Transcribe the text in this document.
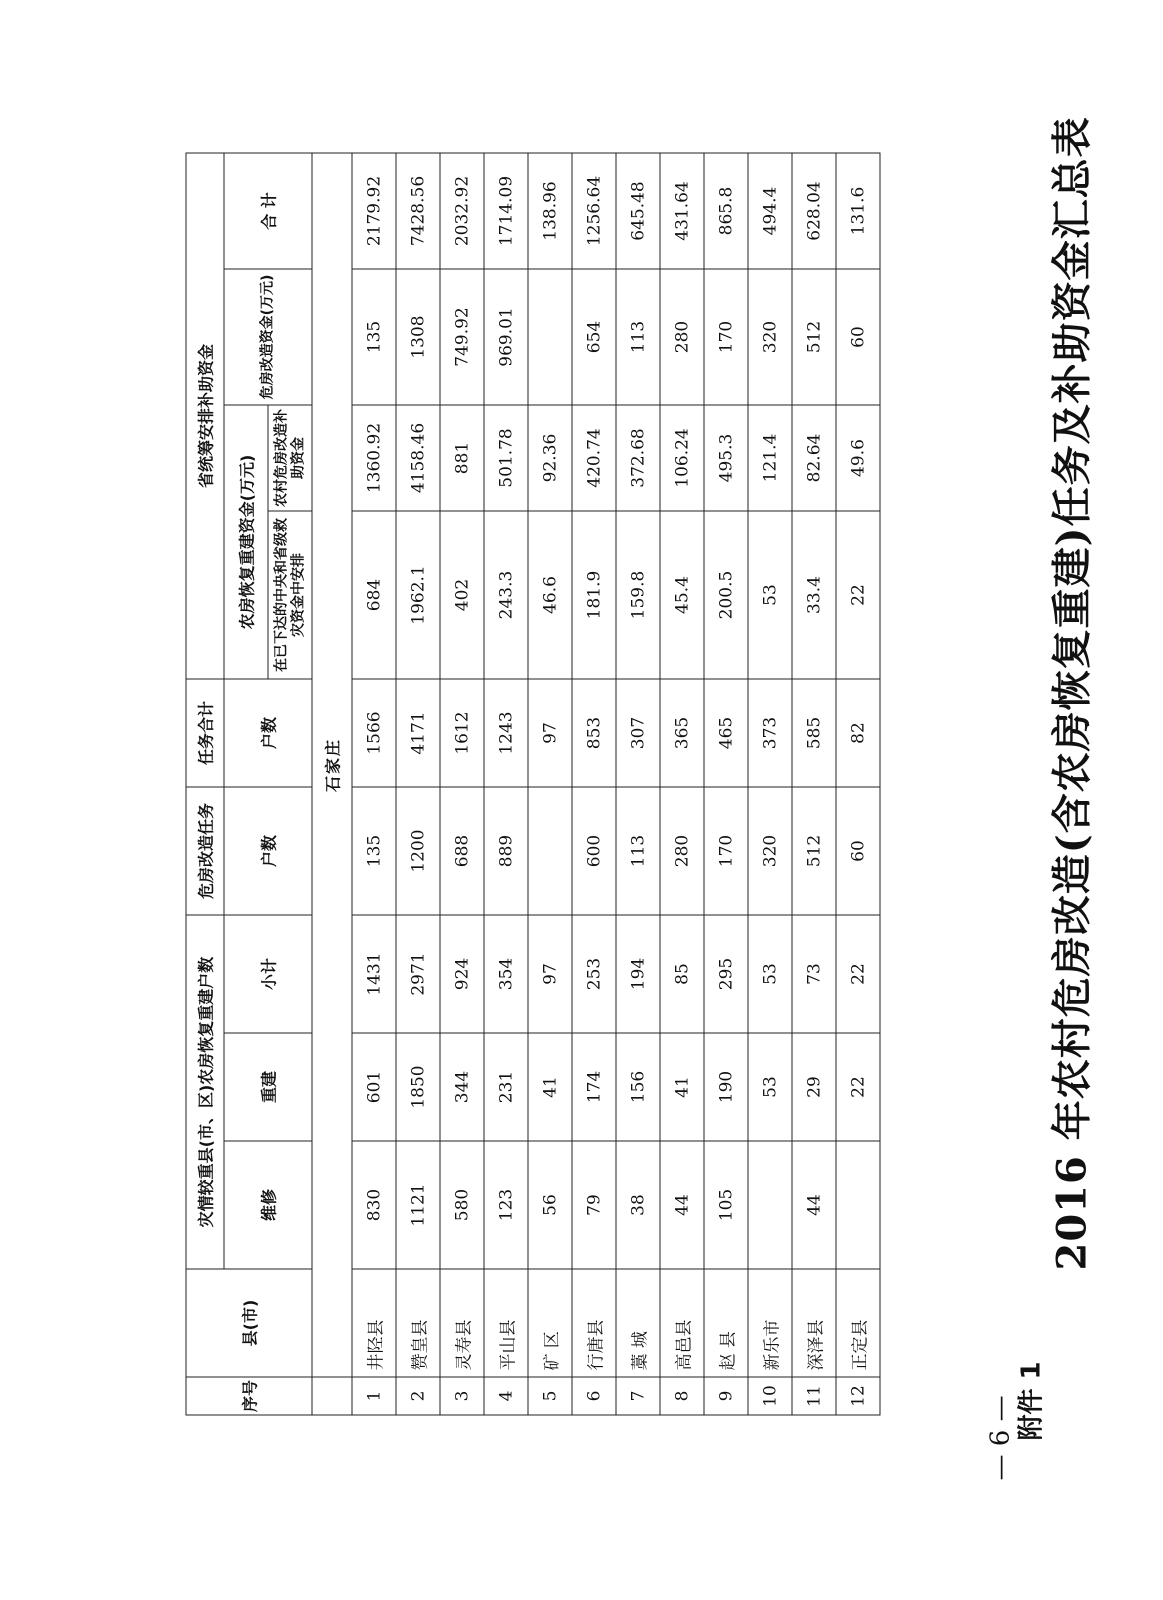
— 6 — 附件 1
2016 年农村危房改造(含农房恢复重建)任务及补助资金汇总表
序号	县(市)	灾情较重县(市、区)农房恢复重建户数			危房改造任务	任务合计	省统筹安排补助资金			
		维修	重建	小计	户数	户数	农房恢复重建资金(万元)		危房改造资金(万元)	合 计
							在已下达的中央和省级救灾资金中安排	农村危房改造补助资金		
	石家庄									
1	井陉县	830	601	1431	135	1566	684	1360.92	135	2179.92
2	赞皇县	1121	1850	2971	1200	4171	1962.1	4158.46	1308	7428.56
3	灵寿县	580	344	924	688	1612	402	881	749.92	2032.92
4	平山县	123	231	354	889	1243	243.3	501.78	969.01	1714.09
5	矿 区	56	41	97		97	46.6	92.36		138.96
6	行唐县	79	174	253	600	853	181.9	420.74	654	1256.64
7	藁 城	38	156	194	113	307	159.8	372.68	113	645.48
8	高邑县	44	41	85	280	365	45.4	106.24	280	431.64
9	赵 县	105	190	295	170	465	200.5	495.3	170	865.8
10	新乐市		53	53	320	373	53	121.4	320	494.4
11	深泽县	44	29	73	512	585	33.4	82.64	512	628.04
12	正定县		22	22	60	82	22	49.6	60	131.6
